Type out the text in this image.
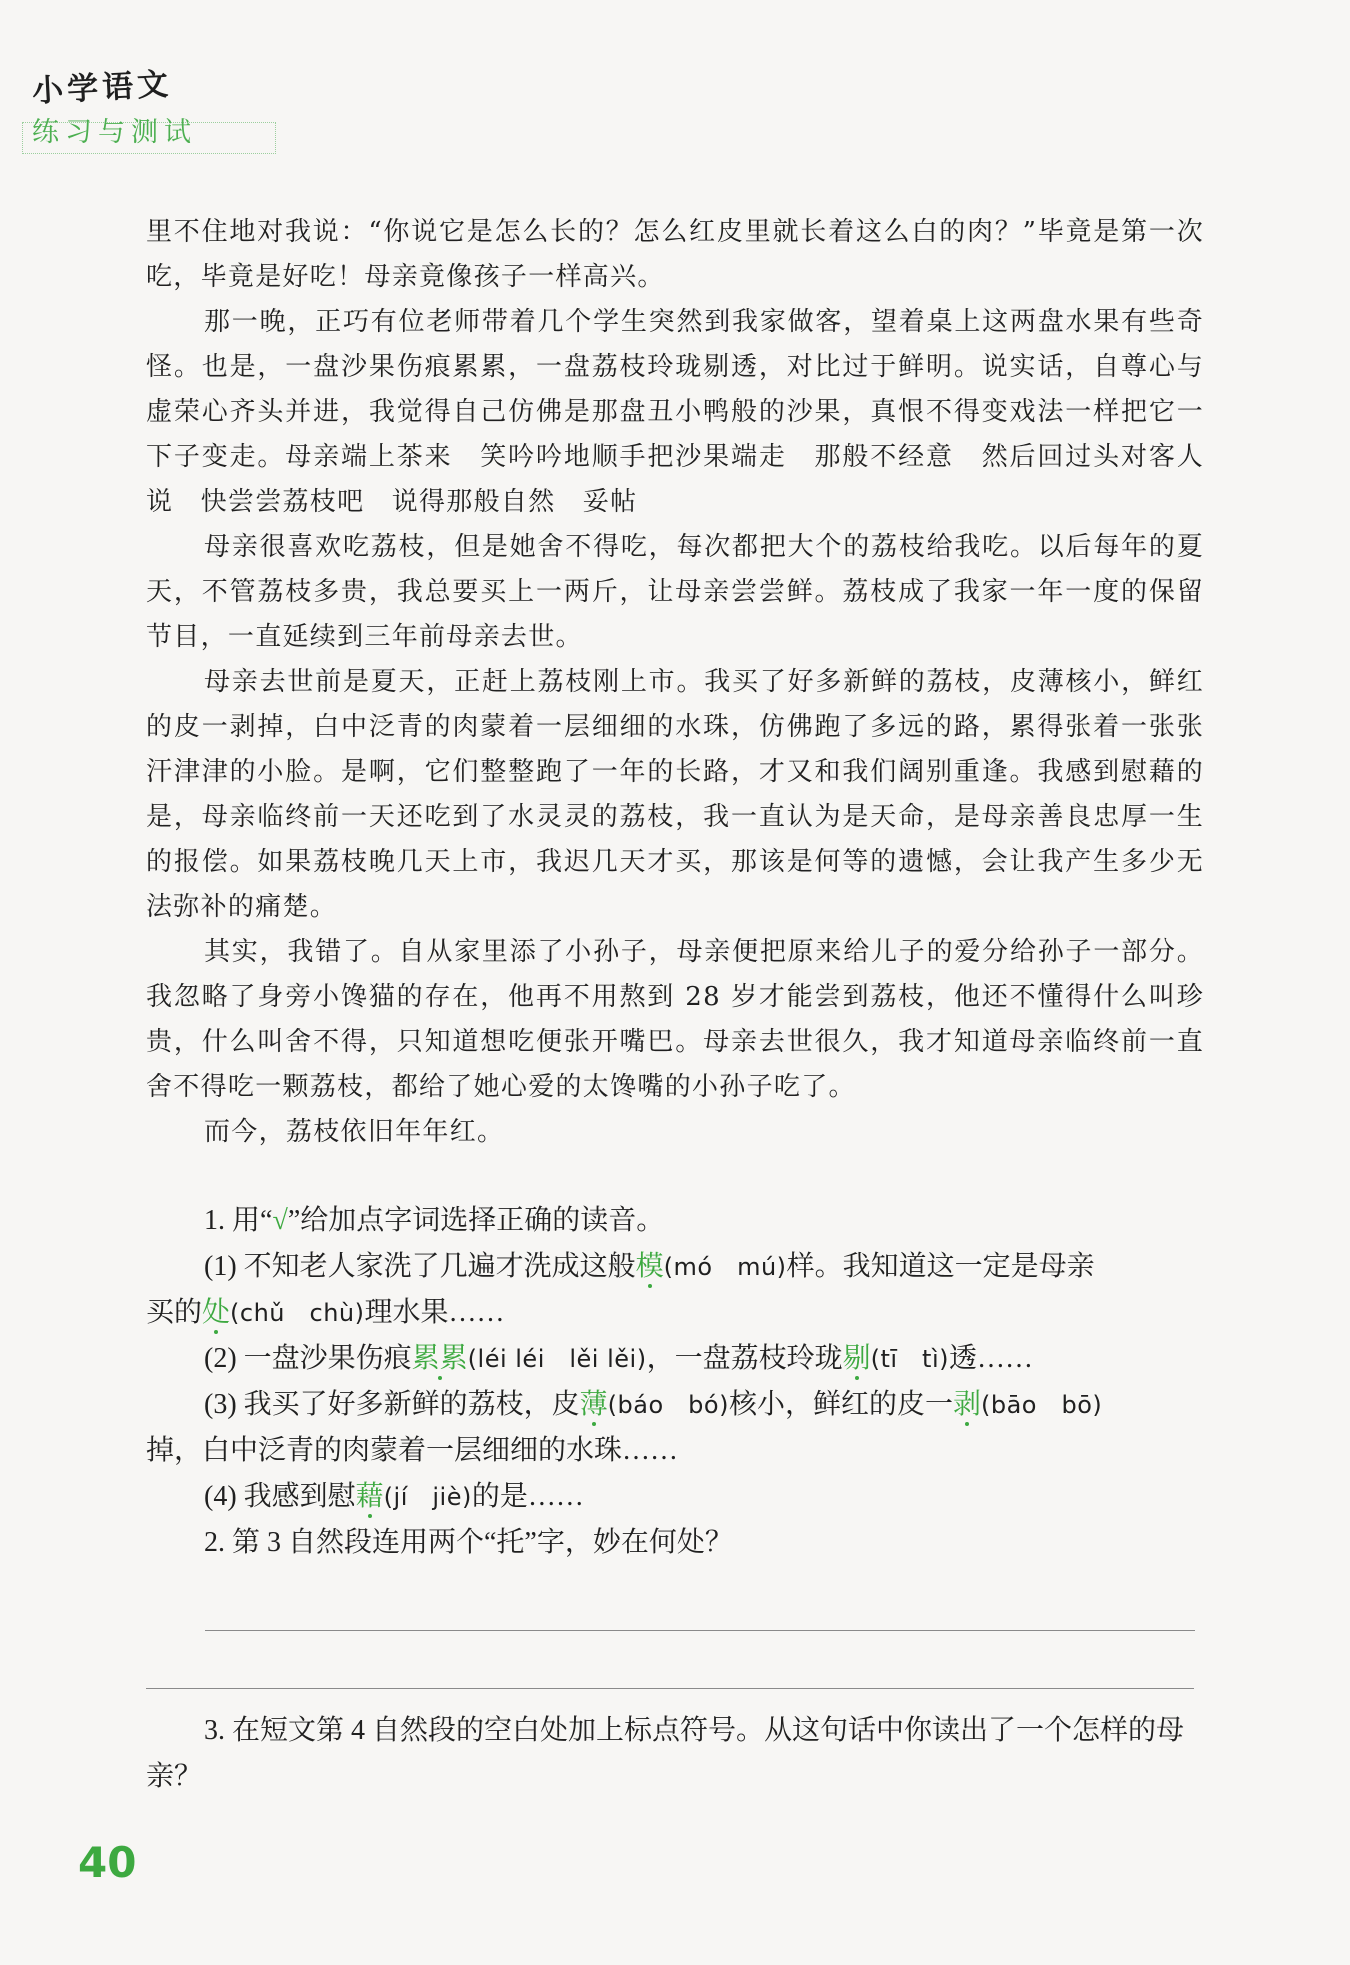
小学语文
练习与测试

里不住地对我说：“你说它是怎么长的？怎么红皮里就长着这么白的肉？”毕竟是第一次吃，毕竟是好吃！母亲竟像孩子一样高兴。

那一晚，正巧有位老师带着几个学生突然到我家做客，望着桌上这两盘水果有些奇怪。也是，一盘沙果伤痕累累，一盘荔枝玲珑剔透，对比过于鲜明。说实话，自尊心与虚荣心齐头并进，我觉得自己仿佛是那盘丑小鸭般的沙果，真恨不得变戏法一样把它一下子变走。母亲端上茶来　笑吟吟地顺手把沙果端走　那般不经意　然后回过头对客人说　快尝尝荔枝吧　说得那般自然　妥帖

母亲很喜欢吃荔枝，但是她舍不得吃，每次都把大个的荔枝给我吃。以后每年的夏天，不管荔枝多贵，我总要买上一两斤，让母亲尝尝鲜。荔枝成了我家一年一度的保留节目，一直延续到三年前母亲去世。

母亲去世前是夏天，正赶上荔枝刚上市。我买了好多新鲜的荔枝，皮薄核小，鲜红的皮一剥掉，白中泛青的肉蒙着一层细细的水珠，仿佛跑了多远的路，累得张着一张张汗津津的小脸。是啊，它们整整跑了一年的长路，才又和我们阔别重逢。我感到慰藉的是，母亲临终前一天还吃到了水灵灵的荔枝，我一直认为是天命，是母亲善良忠厚一生的报偿。如果荔枝晚几天上市，我迟几天才买，那该是何等的遗憾，会让我产生多少无法弥补的痛楚。

其实，我错了。自从家里添了小孙子，母亲便把原来给儿子的爱分给孙子一部分。我忽略了身旁小馋猫的存在，他再不用熬到 28 岁才能尝到荔枝，他还不懂得什么叫珍贵，什么叫舍不得，只知道想吃便张开嘴巴。母亲去世很久，我才知道母亲临终前一直舍不得吃一颗荔枝，都给了她心爱的太馋嘴的小孙子吃了。

而今，荔枝依旧年年红。

1. 用“√”给加点字词选择正确的读音。

(1) 不知老人家洗了几遍才洗成这般模(mó　mú)样。我知道这一定是母亲

买的处(chǔ　chù)理水果……

(2) 一盘沙果伤痕累累(léi léi　lěi lěi)，一盘荔枝玲珑剔(tī　tì)透……

(3) 我买了好多新鲜的荔枝，皮薄(báo　bó)核小，鲜红的皮一剥(bāo　bō)

掉，白中泛青的肉蒙着一层细细的水珠……

(4) 我感到慰藉(jí　jiè)的是……

2. 第 3 自然段连用两个“托”字，妙在何处？

3. 在短文第 4 自然段的空白处加上标点符号。从这句话中你读出了一个怎样的母亲？

40
